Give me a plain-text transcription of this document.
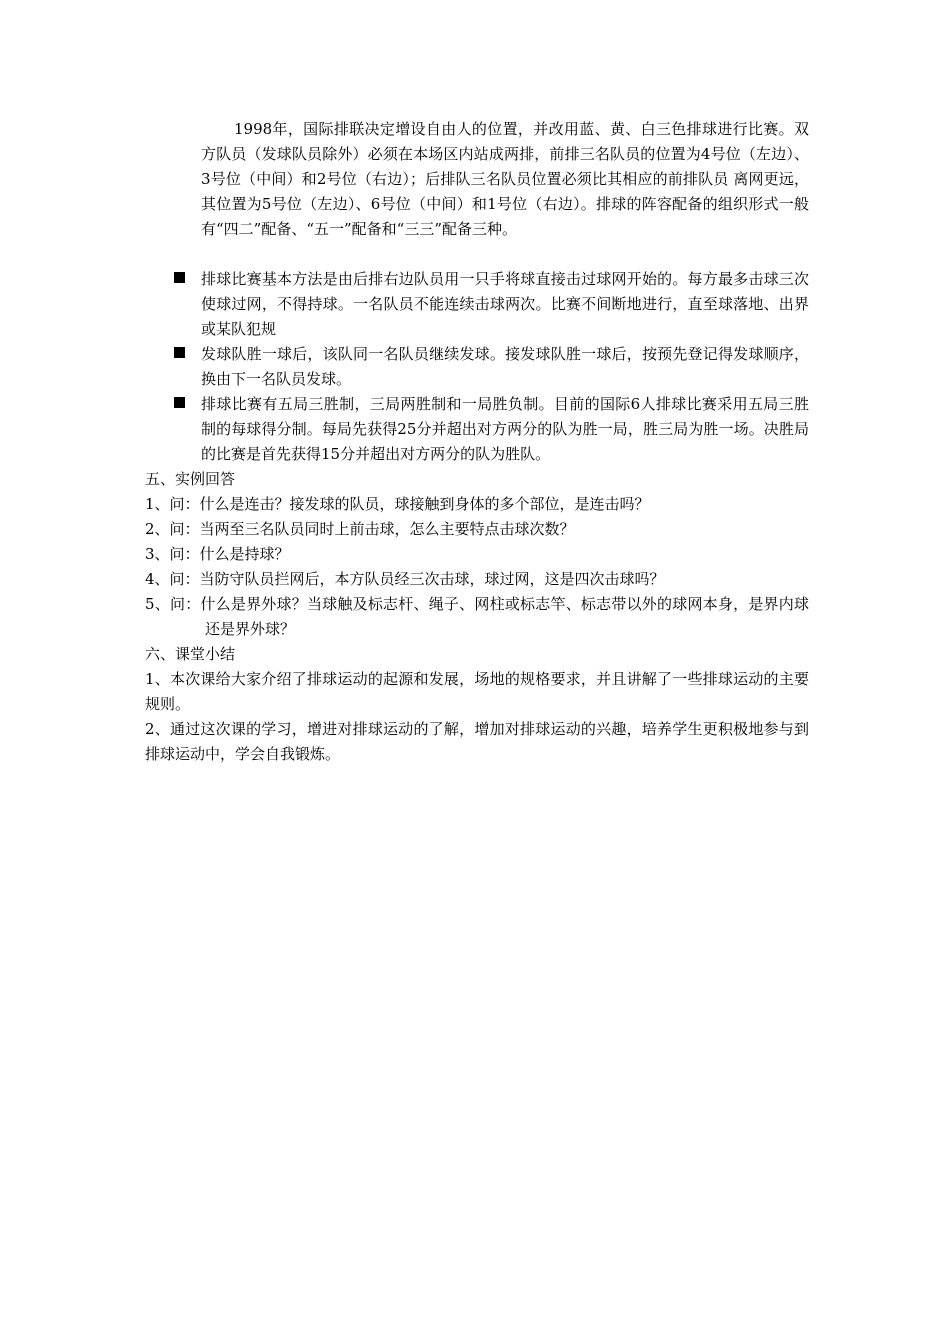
1998年，国际排联决定增设自由人的位置，并改用蓝、黄、白三色排球进行比赛。双方队员（发球队员除外）必须在本场区内站成两排，前排三名队员的位置为4号位（左边）、3号位（中间）和2号位（右边）；后排队三名队员位置必须比其相应的前排队员 离网更远，其位置为5号位（左边）、6号位（中间）和1号位（右边）。排球的阵容配备的组织形式一般有“四二”配备、“五一”配备和“三三”配备三种。

排球比赛基本方法是由后排右边队员用一只手将球直接击过球网开始的。每方最多击球三次使球过网，不得持球。一名队员不能连续击球两次。比赛不间断地进行，直至球落地、出界或某队犯规

发球队胜一球后，该队同一名队员继续发球。接发球队胜一球后，按预先登记得发球顺序，换由下一名队员发球。

排球比赛有五局三胜制，三局两胜制和一局胜负制。目前的国际6人排球比赛采用五局三胜制的每球得分制。每局先获得25分并超出对方两分的队为胜一局，胜三局为胜一场。决胜局的比赛是首先获得15分并超出对方两分的队为胜队。

五、实例回答

1、问：什么是连击？接发球的队员，球接触到身体的多个部位，是连击吗？

2、问：当两至三名队员同时上前击球，怎么主要特点击球次数？

3、问：什么是持球？

4、问：当防守队员拦网后，本方队员经三次击球，球过网，这是四次击球吗？

5、问：什么是界外球？当球触及标志杆、绳子、网柱或标志竿、标志带以外的球网本身，是界内球还是界外球？

六、课堂小结

1、本次课给大家介绍了排球运动的起源和发展，场地的规格要求，并且讲解了一些排球运动的主要规则。

2、通过这次课的学习，增进对排球运动的了解，增加对排球运动的兴趣，培养学生更积极地参与到排球运动中，学会自我锻炼。
